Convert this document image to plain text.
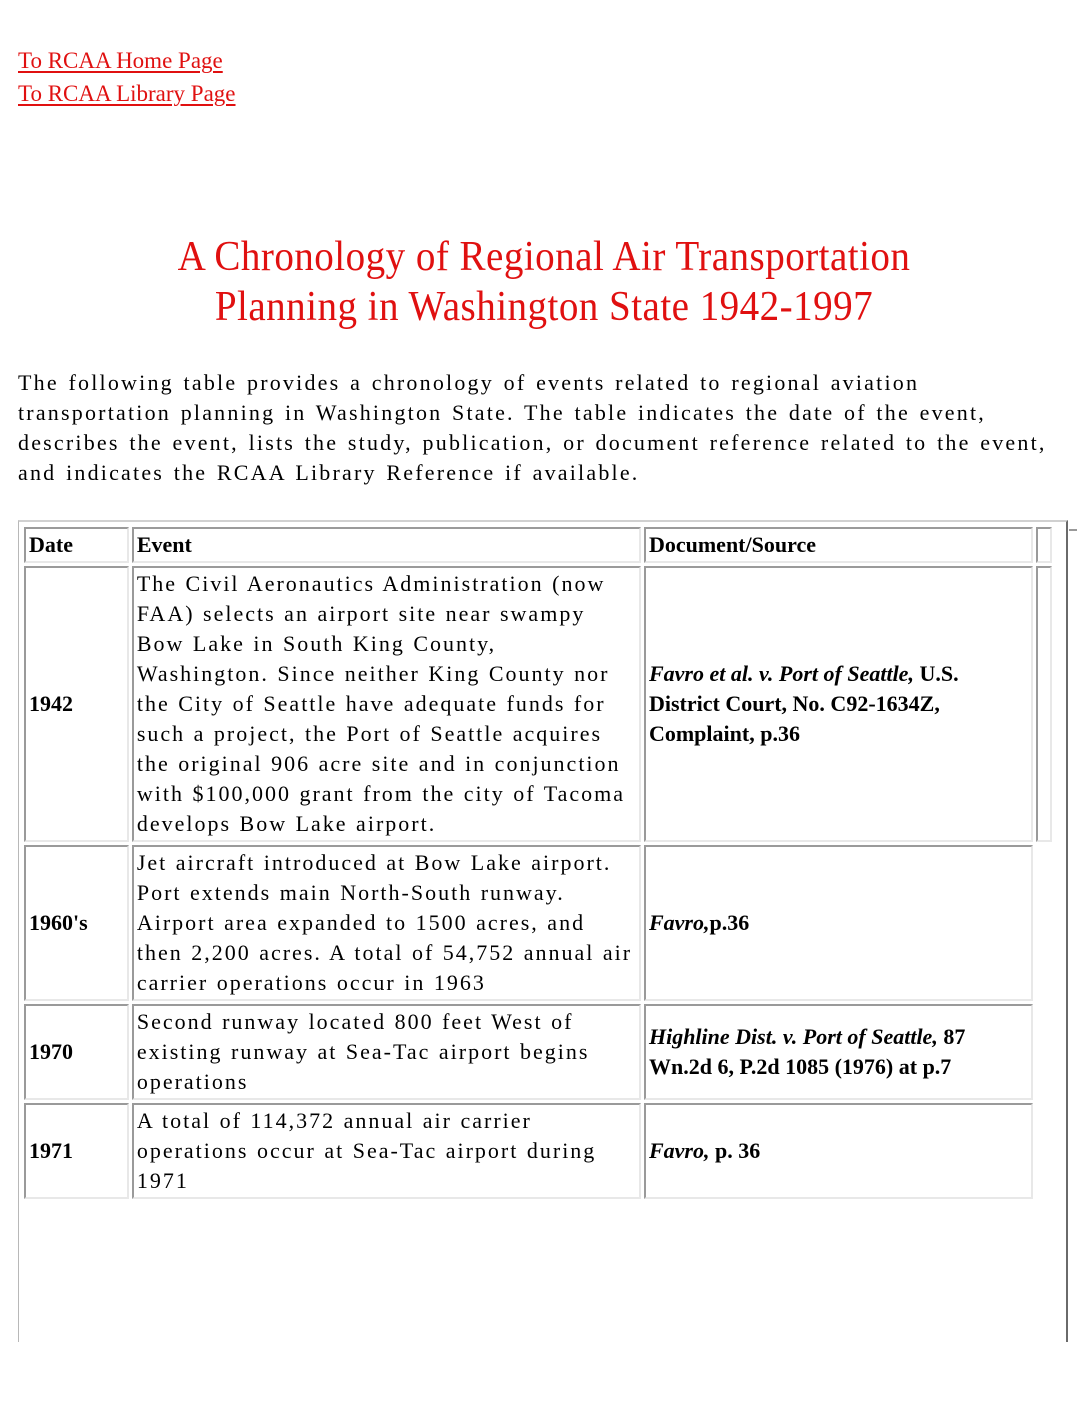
To RCAA Home Page
To RCAA Library Page
A Chronology of Regional Air Transportation
Planning in Washington State 1942-1997

The following table provides a chronology of events related to regional aviation transportation planning in Washington State. The table indicates the date of the event, describes the event, lists the study, publication, or document reference related to the event, and indicates the RCAA Library Reference if available.

Date	Event	Document/Source	
1942	The Civil Aeronautics Administration (now FAA) selects an airport site near swampy Bow Lake in South King County, Washington. Since neither King County nor the City of Seattle have adequate funds for such a project, the Port of Seattle acquires the original 906 acre site and in conjunction with $100,000 grant from the city of Tacoma develops Bow Lake airport.	Favro et al. v. Port of Seattle, U.S. District Court, No. C92-1634Z, Complaint, p.36	
1960's	Jet aircraft introduced at Bow Lake airport. Port extends main North-South runway. Airport area expanded to 1500 acres, and then 2,200 acres. A total of 54,752 annual air carrier operations occur in 1963	Favro,p.36	
1970	Second runway located 800 feet West of existing runway at Sea-Tac airport begins operations	Highline Dist. v. Port of Seattle, 87 Wn.2d 6, P.2d 1085 (1976) at p.7	
1971	A total of 114,372 annual air carrier operations occur at Sea-Tac airport during 1971	Favro, p. 36	
